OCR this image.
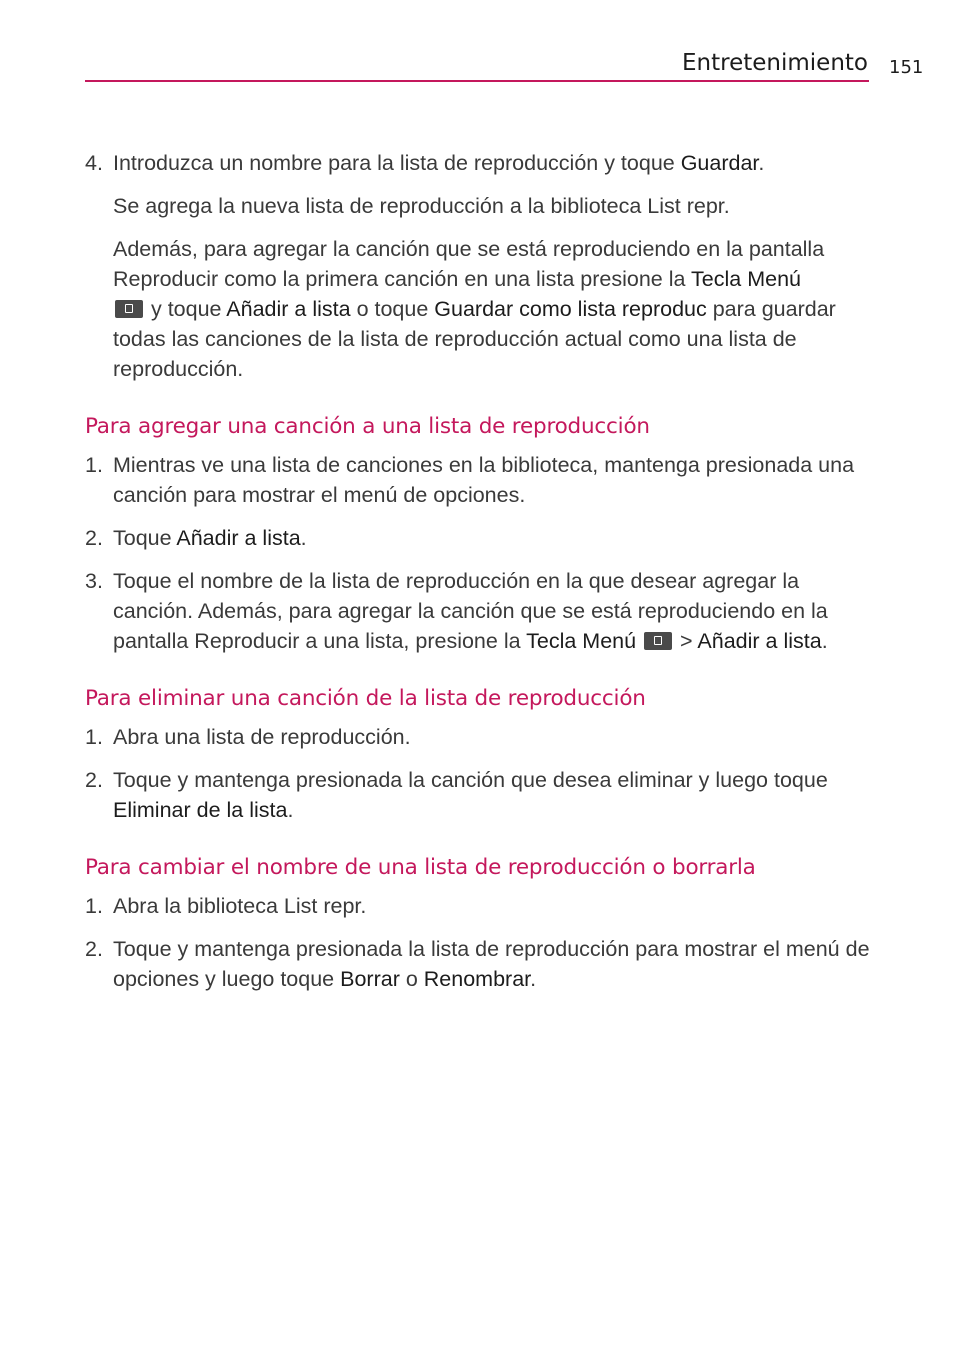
Entretenimiento 151
4. Introduzca un nombre para la lista de reproducción y toque Guardar.
Se agrega la nueva lista de reproducción a la biblioteca List repr.
Además, para agregar la canción que se está reproduciendo en la pantalla Reproducir como la primera canción en una lista presione la Tecla Menú
y toque Añadir a lista o toque Guardar como lista reproduc para guardar todas las canciones de la lista de reproducción actual como una lista de reproducción.
Para agregar una canción a una lista de reproducción
1. Mientras ve una lista de canciones en la biblioteca, mantenga presionada una canción para mostrar el menú de opciones.
2. Toque Añadir a lista.
3. Toque el nombre de la lista de reproducción en la que desear agregar la canción. Además, para agregar la canción que se está reproduciendo en la pantalla Reproducir a una lista, presione la Tecla Menú  > Añadir a lista.
Para eliminar una canción de la lista de reproducción
1. Abra una lista de reproducción.
2. Toque y mantenga presionada la canción que desea eliminar y luego toque Eliminar de la lista.
Para cambiar el nombre de una lista de reproducción o borrarla
1. Abra la biblioteca List repr.
2. Toque y mantenga presionada la lista de reproducción para mostrar el menú de opciones y luego toque Borrar o Renombrar.
